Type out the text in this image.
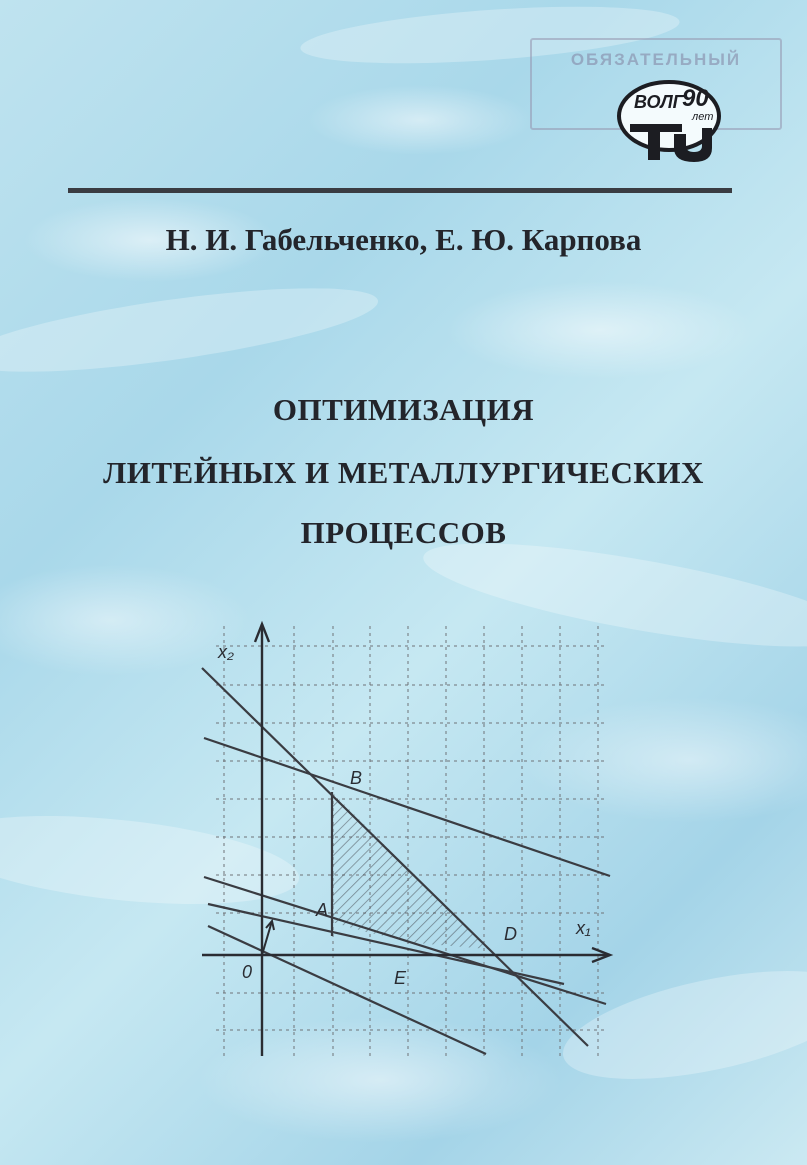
ОБЯЗАТЕЛЬНЫЙ
ВОЛГ
90
лет
Н. И. Габельченко, Е. Ю. Карпова
ОПТИМИЗАЦИЯ
ЛИТЕЙНЫХ И МЕТАЛЛУРГИЧЕСКИХ
ПРОЦЕССОВ
x₂
x₁
0
A
B
D
E
